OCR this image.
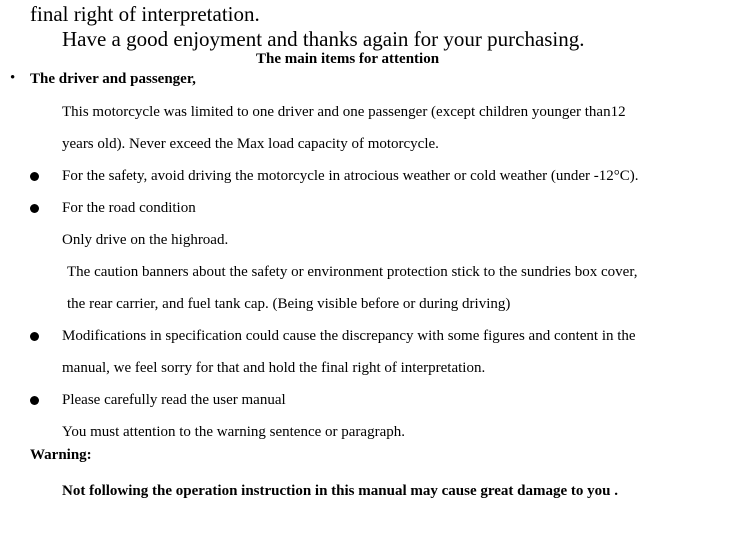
final right of interpretation.
Have a good enjoyment and thanks again for your purchasing.
The main items for attention
• The driver and passenger,
This motorcycle was limited to one driver and one passenger (except children younger than12
years old). Never exceed the Max load capacity of motorcycle.
For the safety, avoid driving the motorcycle in atrocious weather or cold weather (under -12°C).
For the road condition
Only drive on the highroad.
The caution banners about the safety or environment protection stick to the sundries box cover,
the rear carrier, and fuel tank cap. (Being visible before or during driving)
Modifications in specification could cause the discrepancy with some figures and content in the
manual, we feel sorry for that and hold the final right of interpretation.
Please carefully read the user manual
You must attention to the warning sentence or paragraph.
Warning:
Not following the operation instruction in this manual may cause great damage to you .
